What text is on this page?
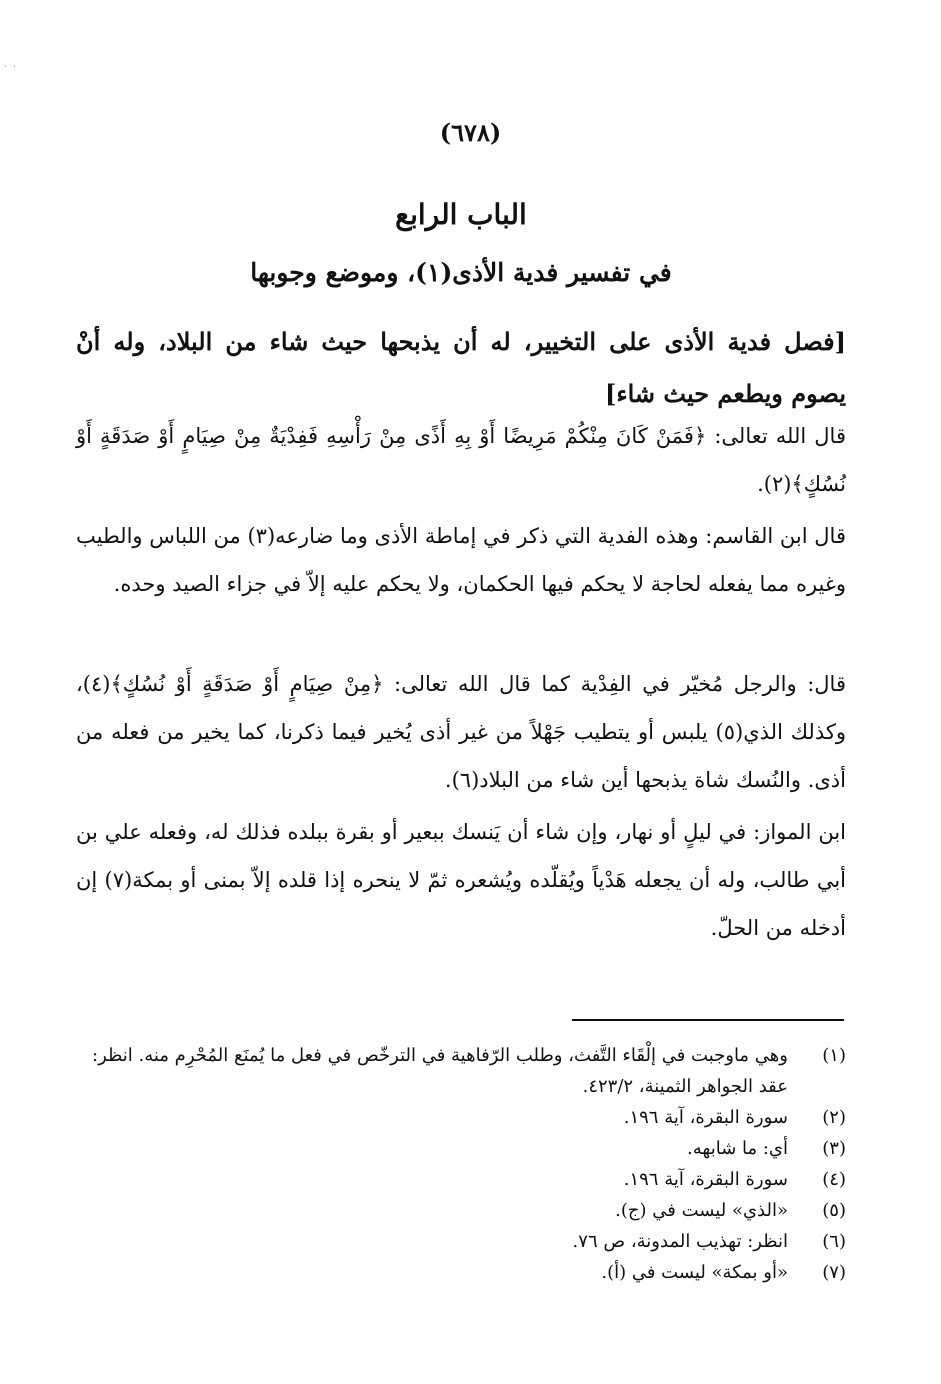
· ·
(٦٧٨)
الباب الرابع
في تفسير فدية الأذى(١)، وموضع وجوبها
[فصل فدية الأذى على التخيير، له أن يذبحها حيث شاء من البلاد، وله أنْ يصوم ويطعم حيث شاء]
قال الله تعالى: ﴿فَمَنْ كَانَ مِنْكُمْ مَرِيضًا أَوْ بِهِ أَذًى مِنْ رَأْسِهِ فَفِدْيَةٌ مِنْ صِيَامٍ أَوْ صَدَقَةٍ أَوْ نُسُكٍ﴾(٢).
قال ابن القاسم: وهذه الفدية التي ذكر في إماطة الأذى وما ضارعه(٣) من اللباس والطيب وغيره مما يفعله لحاجة لا يحكم فيها الحكمان، ولا يحكم عليه إلاّ في جزاء الصيد وحده.
قال: والرجل مُخيّر في الفِدْية كما قال الله تعالى: ﴿مِنْ صِيَامٍ أَوْ صَدَقَةٍ أَوْ نُسُكٍ﴾(٤)، وكذلك الذي(٥) يلبس أو يتطيب جَهْلاً من غير أذى يُخير فيما ذكرنا، كما يخير من فعله من أذى. والنُسك شاة يذبحها أين شاء من البلاد(٦).
ابن المواز: في ليلٍ أو نهار، وإن شاء أن يَنسك ببعير أو بقرة ببلده فذلك له، وفعله علي بن أبي طالب، وله أن يجعله هَدْياً ويُقلّده ويُشعره ثمّ لا ينحره إذا قلده إلاّ بمنى أو بمكة(٧) إن أدخله من الحلّ.
(١)
وهي ماوجبت في إلْقَاء التَّفث، وطلب الرّفاهية في الترخّص في فعل ما يُمنَع المُحْرِم منه. انظر: عقد الجواهر الثمينة، ٤٢٣/٢.
(٢)
سورة البقرة، آية ١٩٦.
(٣)
أي: ما شابهه.
(٤)
سورة البقرة، آية ١٩٦.
(٥)
«الذي» ليست في (ج).
(٦)
انظر: تهذيب المدونة، ص ٧٦.
(٧)
«أو بمكة» ليست في (أ).
